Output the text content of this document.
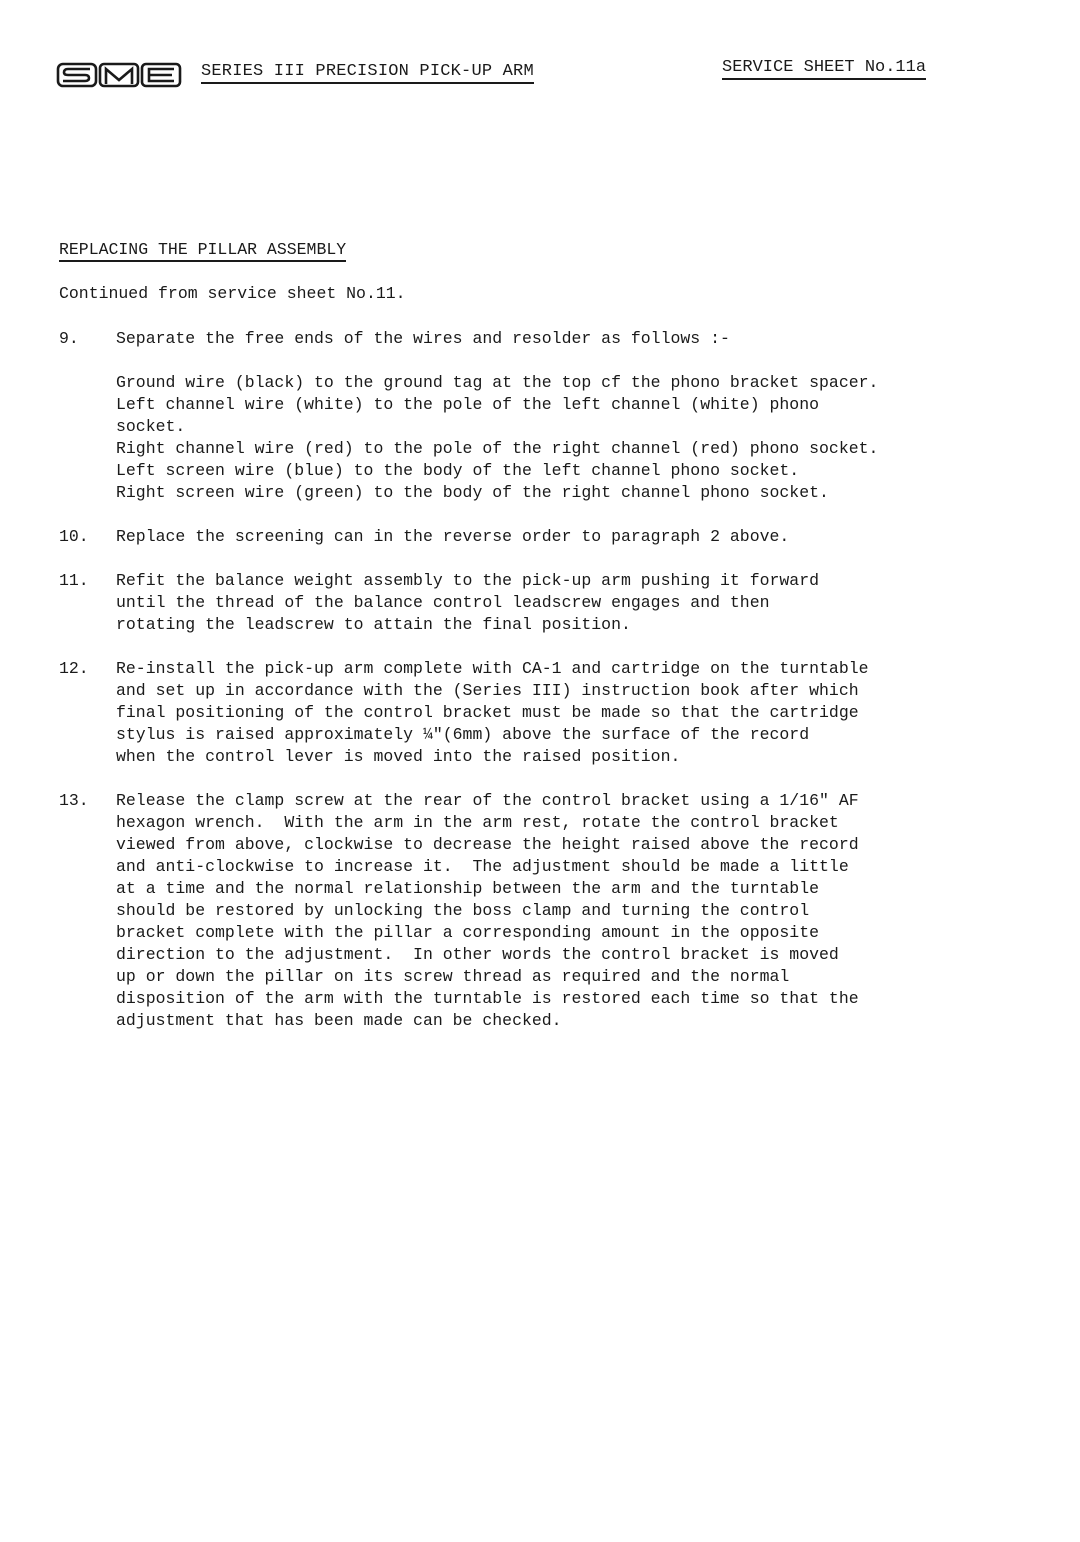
SERIES III PRECISION PICK-UP ARM	SERVICE SHEET No.11a
REPLACING THE PILLAR ASSEMBLY
Continued from service sheet No.11.
9. Separate the free ends of the wires and resolder as follows :-

Ground wire (black) to the ground tag at the top cf the phono bracket spacer.

Left channel wire (white) to the pole of the left channel (white) phono

socket.

Right channel wire (red) to the pole of the right channel (red) phono socket.

Left screen wire (blue) to the body of the left channel phono socket.

Right screen wire (green) to the body of the right channel phono socket.

10. Replace the screening can in the reverse order to paragraph 2 above.

11. Refit the balance weight assembly to the pick-up arm pushing it forward

until the thread of the balance control leadscrew engages and then

rotating the leadscrew to attain the final position.

12. Re-install the pick-up arm complete with CA-1 and cartridge on the turntable

and set up in accordance with the (Series III) instruction book after which

final positioning of the control bracket must be made so that the cartridge

stylus is raised approximately ¼"(6mm) above the surface of the record

when the control lever is moved into the raised position.

13. Release the clamp screw at the rear of the control bracket using a 1/16" AF

hexagon wrench.  With the arm in the arm rest, rotate the control bracket

viewed from above, clockwise to decrease the height raised above the record

and anti-clockwise to increase it.  The adjustment should be made a little

at a time and the normal relationship between the arm and the turntable

should be restored by unlocking the boss clamp and turning the control

bracket complete with the pillar a corresponding amount in the opposite

direction to the adjustment.  In other words the control bracket is moved

up or down the pillar on its screw thread as required and the normal

disposition of the arm with the turntable is restored each time so that the

adjustment that has been made can be checked.
